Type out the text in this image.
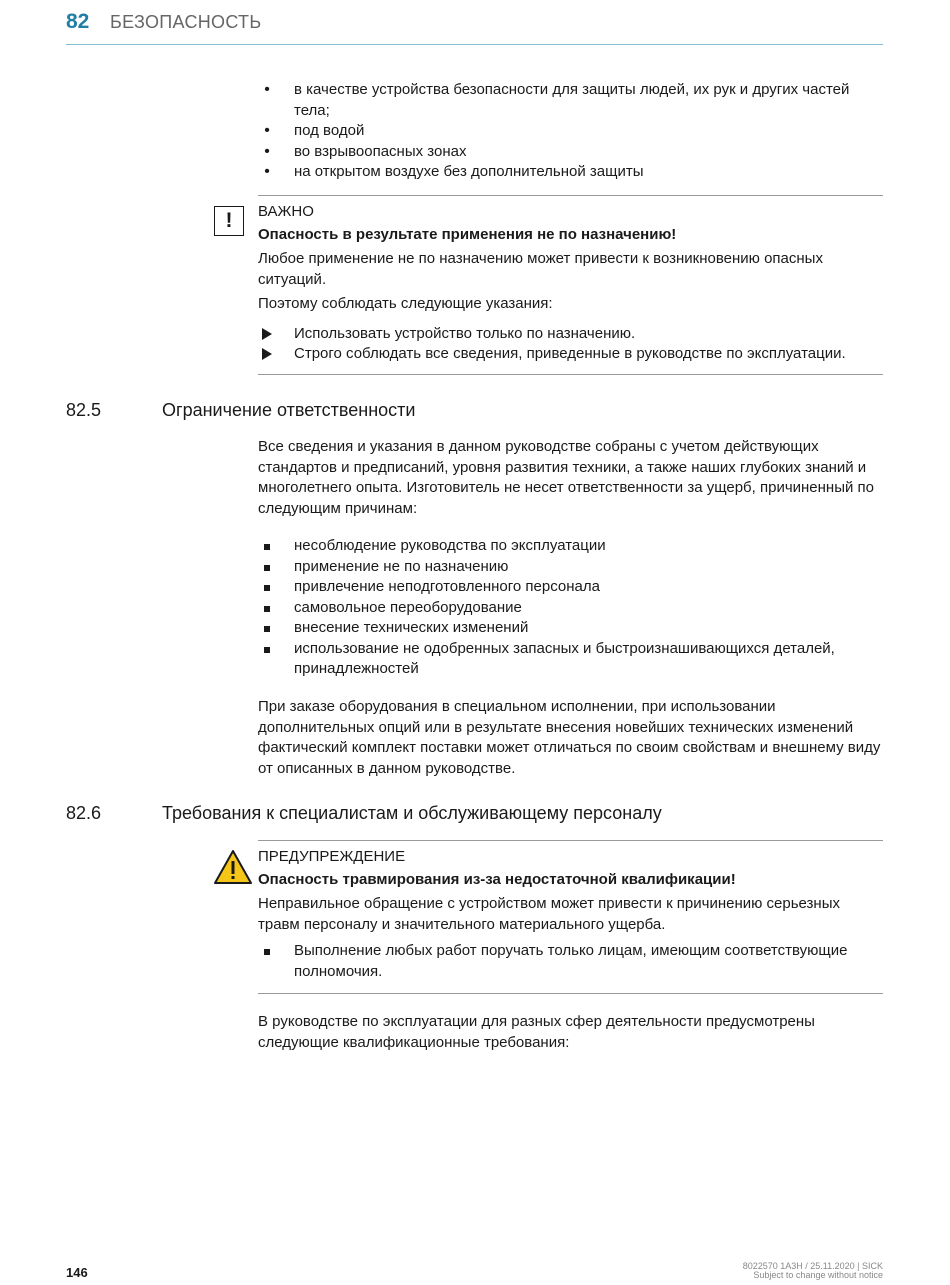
82 БЕЗОПАСНОСТЬ
•
в качестве устройства безопасности для защиты людей, их рук и других частей тела;
•
под водой
•
во взрывоопасных зонах
•
на открытом воздухе без дополнительной защиты
!	ВАЖНО

Опасность в результате применения не по назначению!

Любое применение не по назначению может привести к возникновению опасных ситуаций.

Поэтому соблюдать следующие указания:

Использовать устройство только по назначению.
Строго соблюдать все сведения, приведенные в руководстве по эксплуатации.
82.5	Ограничение ответственности

Все сведения и указания в данном руководстве собраны с учетом действующих стандартов и предписаний, уровня развития техники, а также наших глубоких знаний и многолетнего опыта. Изготовитель не несет ответственности за ущерб, причиненный по следующим причинам:

несоблюдение руководства по эксплуатации
применение не по назначению
привлечение неподготовленного персонала
самовольное переоборудование
внесение технических изменений
использование не одобренных запасных и быстроизнашивающихся деталей, принадлежностей

При заказе оборудования в специальном исполнении, при использовании дополнительных опций или в результате внесения новейших технических изменений фактический комплект поставки может отличаться по своим свойствам и внешнему виду от описанных в данном руководстве.

82.6	Требования к специалистам и обслуживающему персоналу

ПРЕДУПРЕЖДЕНИЕ

Опасность травмирования из-за недостаточной квалификации!

Неправильное обращение с устройством может привести к причинению серьезных травм персоналу и значительного материального ущерба.

Выполнение любых работ поручать только лицам, имеющим соответствующие полномочия.

В руководстве по эксплуатации для разных сфер деятельности предусмотрены следующие квалификационные требования:

146	8022570 1A3H / 25.11.2020 | SICK
Subject to change without notice
